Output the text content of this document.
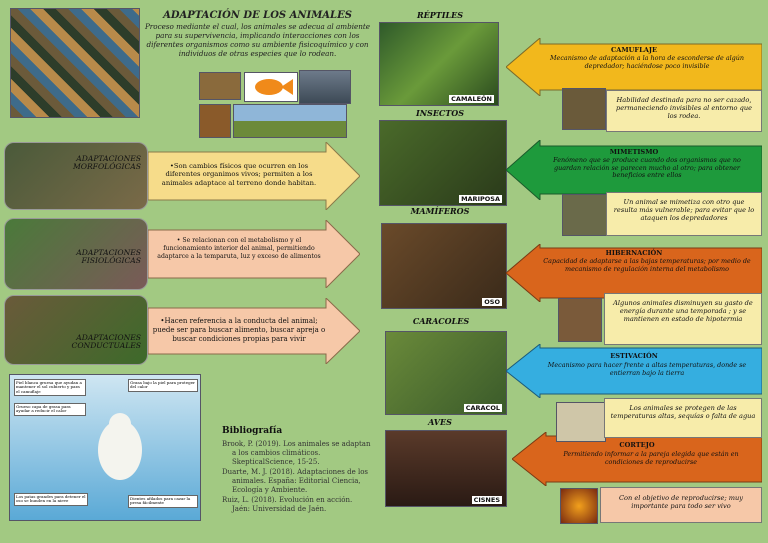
ADAPTACIÓN DE LOS ANIMALES
Proceso mediante el cual, los animales se adecua al ambiente para su supervivencia, implicando interacciones con los diferentes organismos como su ambiente fisicoquímico y con individuos de otras especies que lo rodean.
ADAPTACIONES MORFOLÓGICAS
ADAPTACIONES FISIOLÓGICAS
ADAPTACIONES CONDUCTUALES
•Son cambios físicos que ocurren en los diferentes organimos vivos; permiten a los animales adaptace al terreno donde habitan.
• Se relacionan con el metabolismo y el funcionamiento interior del animal, permitiendo adaptarce a la temparuta, luz y exceso de alimentos
•Hacen referencia a la conducta del animal; puede ser para buscar alimento, buscar apreja o buscar condiciones propias para vivir
Piel blanca gruesa que ayudan a mantener el sol cubierto y para el camuflaje
Grasa bajo la piel para proteger del calor
Grueso capa de grasa para ayudar a reducir el calor
Los patas grandes para detener el oso se hunden en la nieve	Dientes afilados para cazar la presa fácilmente
Bibliografía

Brook, P. (2019). Los animales se adaptan a los cambios climáticos. SkepticalScience, 15-25.

Duarte, M. J. (2018). Adaptaciones de los animales. España: Editorial Ciencia, Ecología y Ambiente.

Ruiz, L. (2018). Evolución en acción. Jaén: Universidad de Jaén.

RÉPTILES
CAMALEÓN
INSECTOS
MARIPOSA
MAMÍFEROS
OSO
CARACOLES
CARACOL
AVES
CISNES
CAMUFLAJE
Mecanismo de adaptación a la hora de esconderse de algún depredador; haciéndose poco invisible
MIMETISMO
Fenómeno que se produce cuando dos organismos que no guardan relación se parecen mucho al otro; para obtener beneficios entre ellos
HIBERNACIÓN
Capacidad de adaptarse a las bajas temperaturas; por medio de mecanismo de regulación interna del metabolismo
ESTIVACIÓN
Mecanismo para hacer frente a altas temperaturas, donde se entierran bajo la tierra
CORTEJO
Permitiendo informar a la pareja elegida que están en condiciones de reproducirse
Habilidad destinada para no ser cazado, permaneciendo invisibles al entorno que los rodea.
Un animal se mimetiza con otro que resulta más vulnerable; para evitar que lo ataquen los depredadores
Algunos animales disminuyen su gasto de energía durante una temporada ; y se mantienen en estado de hipotermia
Los animales se protegen de las temperaturas altas, sequías o falta de agua
Con el objetivo de reproducirse; muy importante para todo ser vivo
